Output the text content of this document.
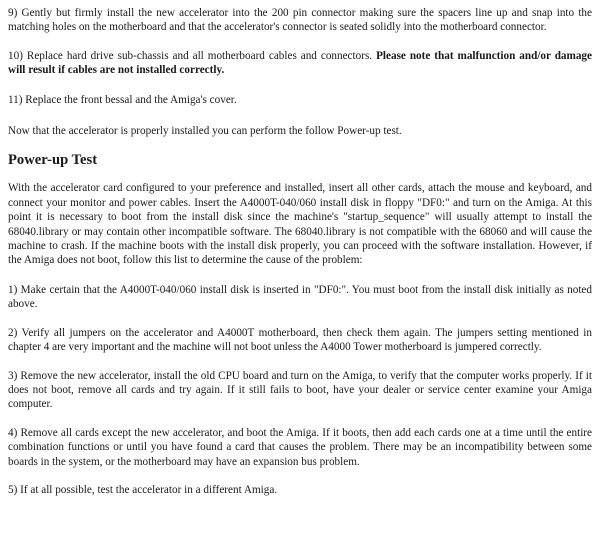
9) Gently but firmly install the new accelerator into the 200 pin connector making sure the spacers line up and snap into the matching holes on the motherboard and that the accelerator's connector is seated solidly into the motherboard connector.

10) Replace hard drive sub-chassis and all motherboard cables and connectors. Please note that malfunction and/or damage will result if cables are not installed correctly.

11) Replace the front bessal and the Amiga's cover.

Now that the accelerator is properly installed you can perform the follow Power-up test.

Power-up Test

With the accelerator card configured to your preference and installed, insert all other cards, attach the mouse and keyboard, and connect your monitor and power cables. Insert the A4000T-040/060 install disk in floppy "DF0:" and turn on the Amiga. At this point it is necessary to boot from the install disk since the machine's "startup_sequence" will usually attempt to install the 68040.library or may contain other incompatible software. The 68040.library is not compatible with the 68060 and will cause the machine to crash. If the machine boots with the install disk properly, you can proceed with the software installation. However, if the Amiga does not boot, follow this list to determine the cause of the problem:

1) Make certain that the A4000T-040/060 install disk is inserted in "DF0:". You must boot from the install disk initially as noted above.

2) Verify all jumpers on the accelerator and A4000T motherboard, then check them again. The jumpers setting mentioned in chapter 4 are very important and the machine will not boot unless the A4000 Tower motherboard is jumpered correctly.

3) Remove the new accelerator, install the old CPU board and turn on the Amiga, to verify that the computer works properly. If it does not boot, remove all cards and try again. If it still fails to boot, have your dealer or service center examine your Amiga computer.

4) Remove all cards except the new accelerator, and boot the Amiga. If it boots, then add each cards one at a time until the entire combination functions or until you have found a card that causes the problem. There may be an incompatibility between some boards in the system, or the motherboard may have an expansion bus problem.

5) If at all possible, test the accelerator in a different Amiga.
